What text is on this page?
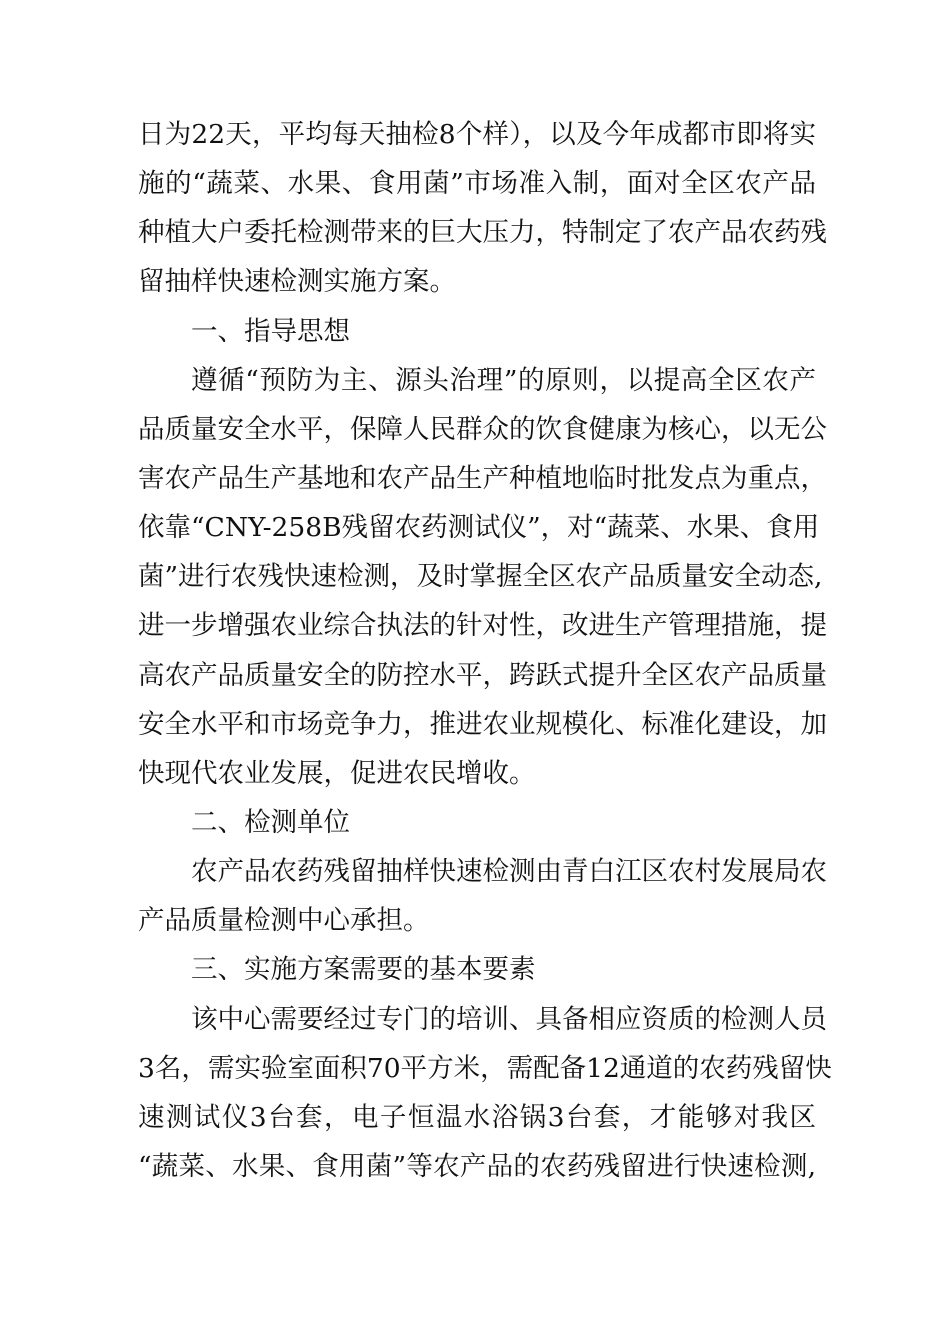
日为22天，平均每天抽检8个样），以及今年成都市即将实
施的“蔬菜、水果、食用菌”市场准入制，面对全区农产品
种植大户委托检测带来的巨大压力，特制定了农产品农药残
留抽样快速检测实施方案。
一、指导思想
遵循“预防为主、源头治理”的原则，以提高全区农产
品质量安全水平，保障人民群众的饮食健康为核心，以无公
害农产品生产基地和农产品生产种植地临时批发点为重点，
依靠“CNY-258B残留农药测试仪”，对“蔬菜、水果、食用
菌”进行农残快速检测，及时掌握全区农产品质量安全动态,
进一步增强农业综合执法的针对性，改进生产管理措施，提
高农产品质量安全的防控水平，跨跃式提升全区农产品质量
安全水平和市场竞争力，推进农业规模化、标准化建设，加
快现代农业发展，促进农民增收。
二、检测单位
农产品农药残留抽样快速检测由青白江区农村发展局农
产品质量检测中心承担。
三、实施方案需要的基本要素
该中心需要经过专门的培训、具备相应资质的检测人员
3名，需实验室面积70平方米，需配备12通道的农药残留快
速测试仪3台套，电子恒温水浴锅3台套，才能够对我区
“蔬菜、水果、食用菌”等农产品的农药残留进行快速检测,
